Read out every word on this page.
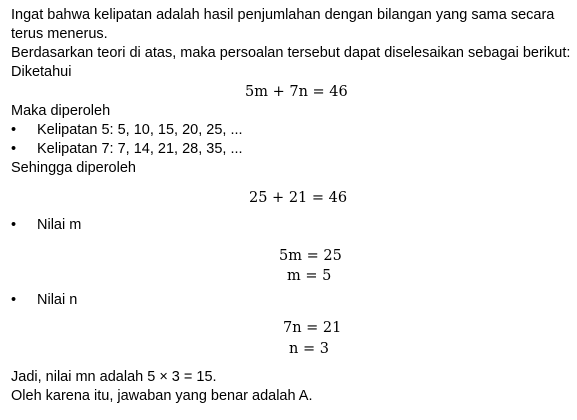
Ingat bahwa kelipatan adalah hasil penjumlahan dengan bilangan yang sama secara
terus menerus.
Berdasarkan teori di atas, maka persoalan tersebut dapat diselesaikan sebagai berikut:
Diketahui
5m + 7n = 46
Maka diperoleh
• Kelipatan 5: 5, 10, 15, 20, 25, ...
• Kelipatan 7: 7, 14, 21, 28, 35, ...
Sehingga diperoleh
25 + 21 = 46
• Nilai m
5m = 25
m = 5
• Nilai n
7n = 21
n = 3
Jadi, nilai mn adalah 5 × 3 = 15.
Oleh karena itu, jawaban yang benar adalah A.
